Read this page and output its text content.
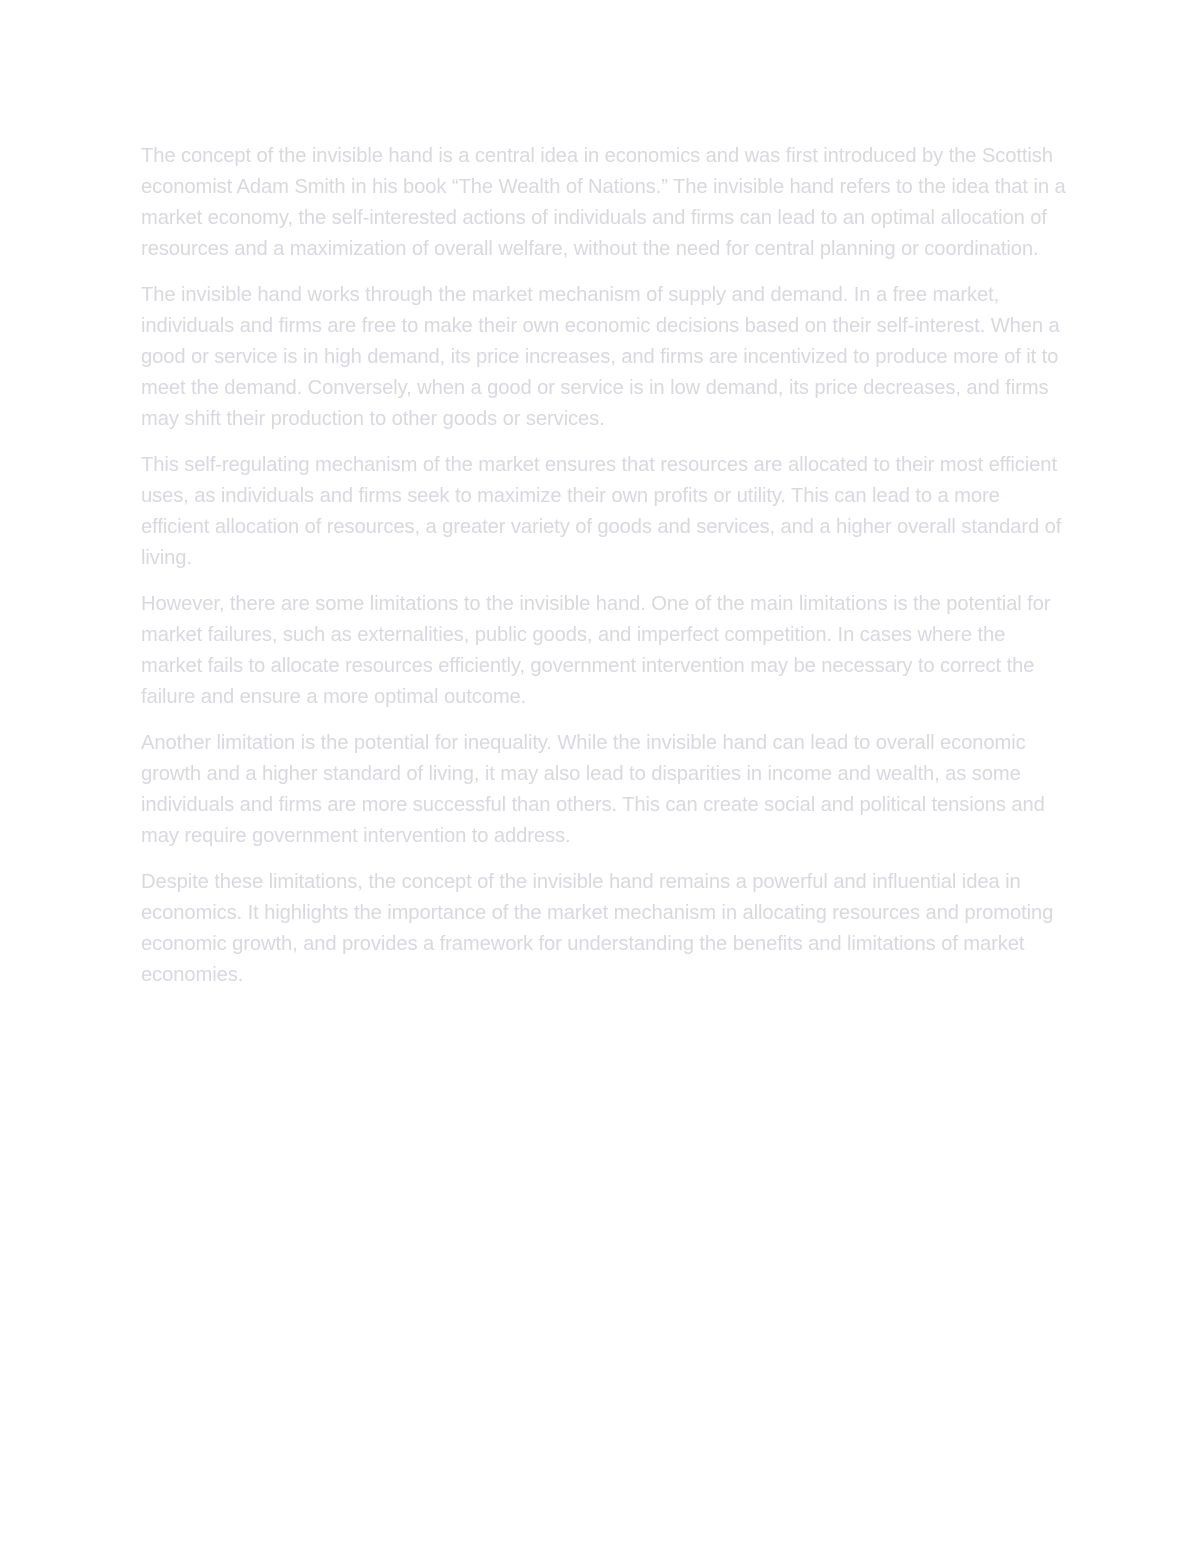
The concept of the invisible hand is a central idea in economics and was first introduced by the Scottish economist Adam Smith in his book “The Wealth of Nations.” The invisible hand refers to the idea that in a market economy, the self-interested actions of individuals and firms can lead to an optimal allocation of resources and a maximization of overall welfare, without the need for central planning or coordination.

The invisible hand works through the market mechanism of supply and demand. In a free market, individuals and firms are free to make their own economic decisions based on their self-interest. When a good or service is in high demand, its price increases, and firms are incentivized to produce more of it to meet the demand. Conversely, when a good or service is in low demand, its price decreases, and firms may shift their production to other goods or services.

This self-regulating mechanism of the market ensures that resources are allocated to their most efficient uses, as individuals and firms seek to maximize their own profits or utility. This can lead to a more efficient allocation of resources, a greater variety of goods and services, and a higher overall standard of living.

However, there are some limitations to the invisible hand. One of the main limitations is the potential for market failures, such as externalities, public goods, and imperfect competition. In cases where the market fails to allocate resources efficiently, government intervention may be necessary to correct the failure and ensure a more optimal outcome.

Another limitation is the potential for inequality. While the invisible hand can lead to overall economic growth and a higher standard of living, it may also lead to disparities in income and wealth, as some individuals and firms are more successful than others. This can create social and political tensions and may require government intervention to address.

Despite these limitations, the concept of the invisible hand remains a powerful and influential idea in economics. It highlights the importance of the market mechanism in allocating resources and promoting economic growth, and provides a framework for understanding the benefits and limitations of market economies.
